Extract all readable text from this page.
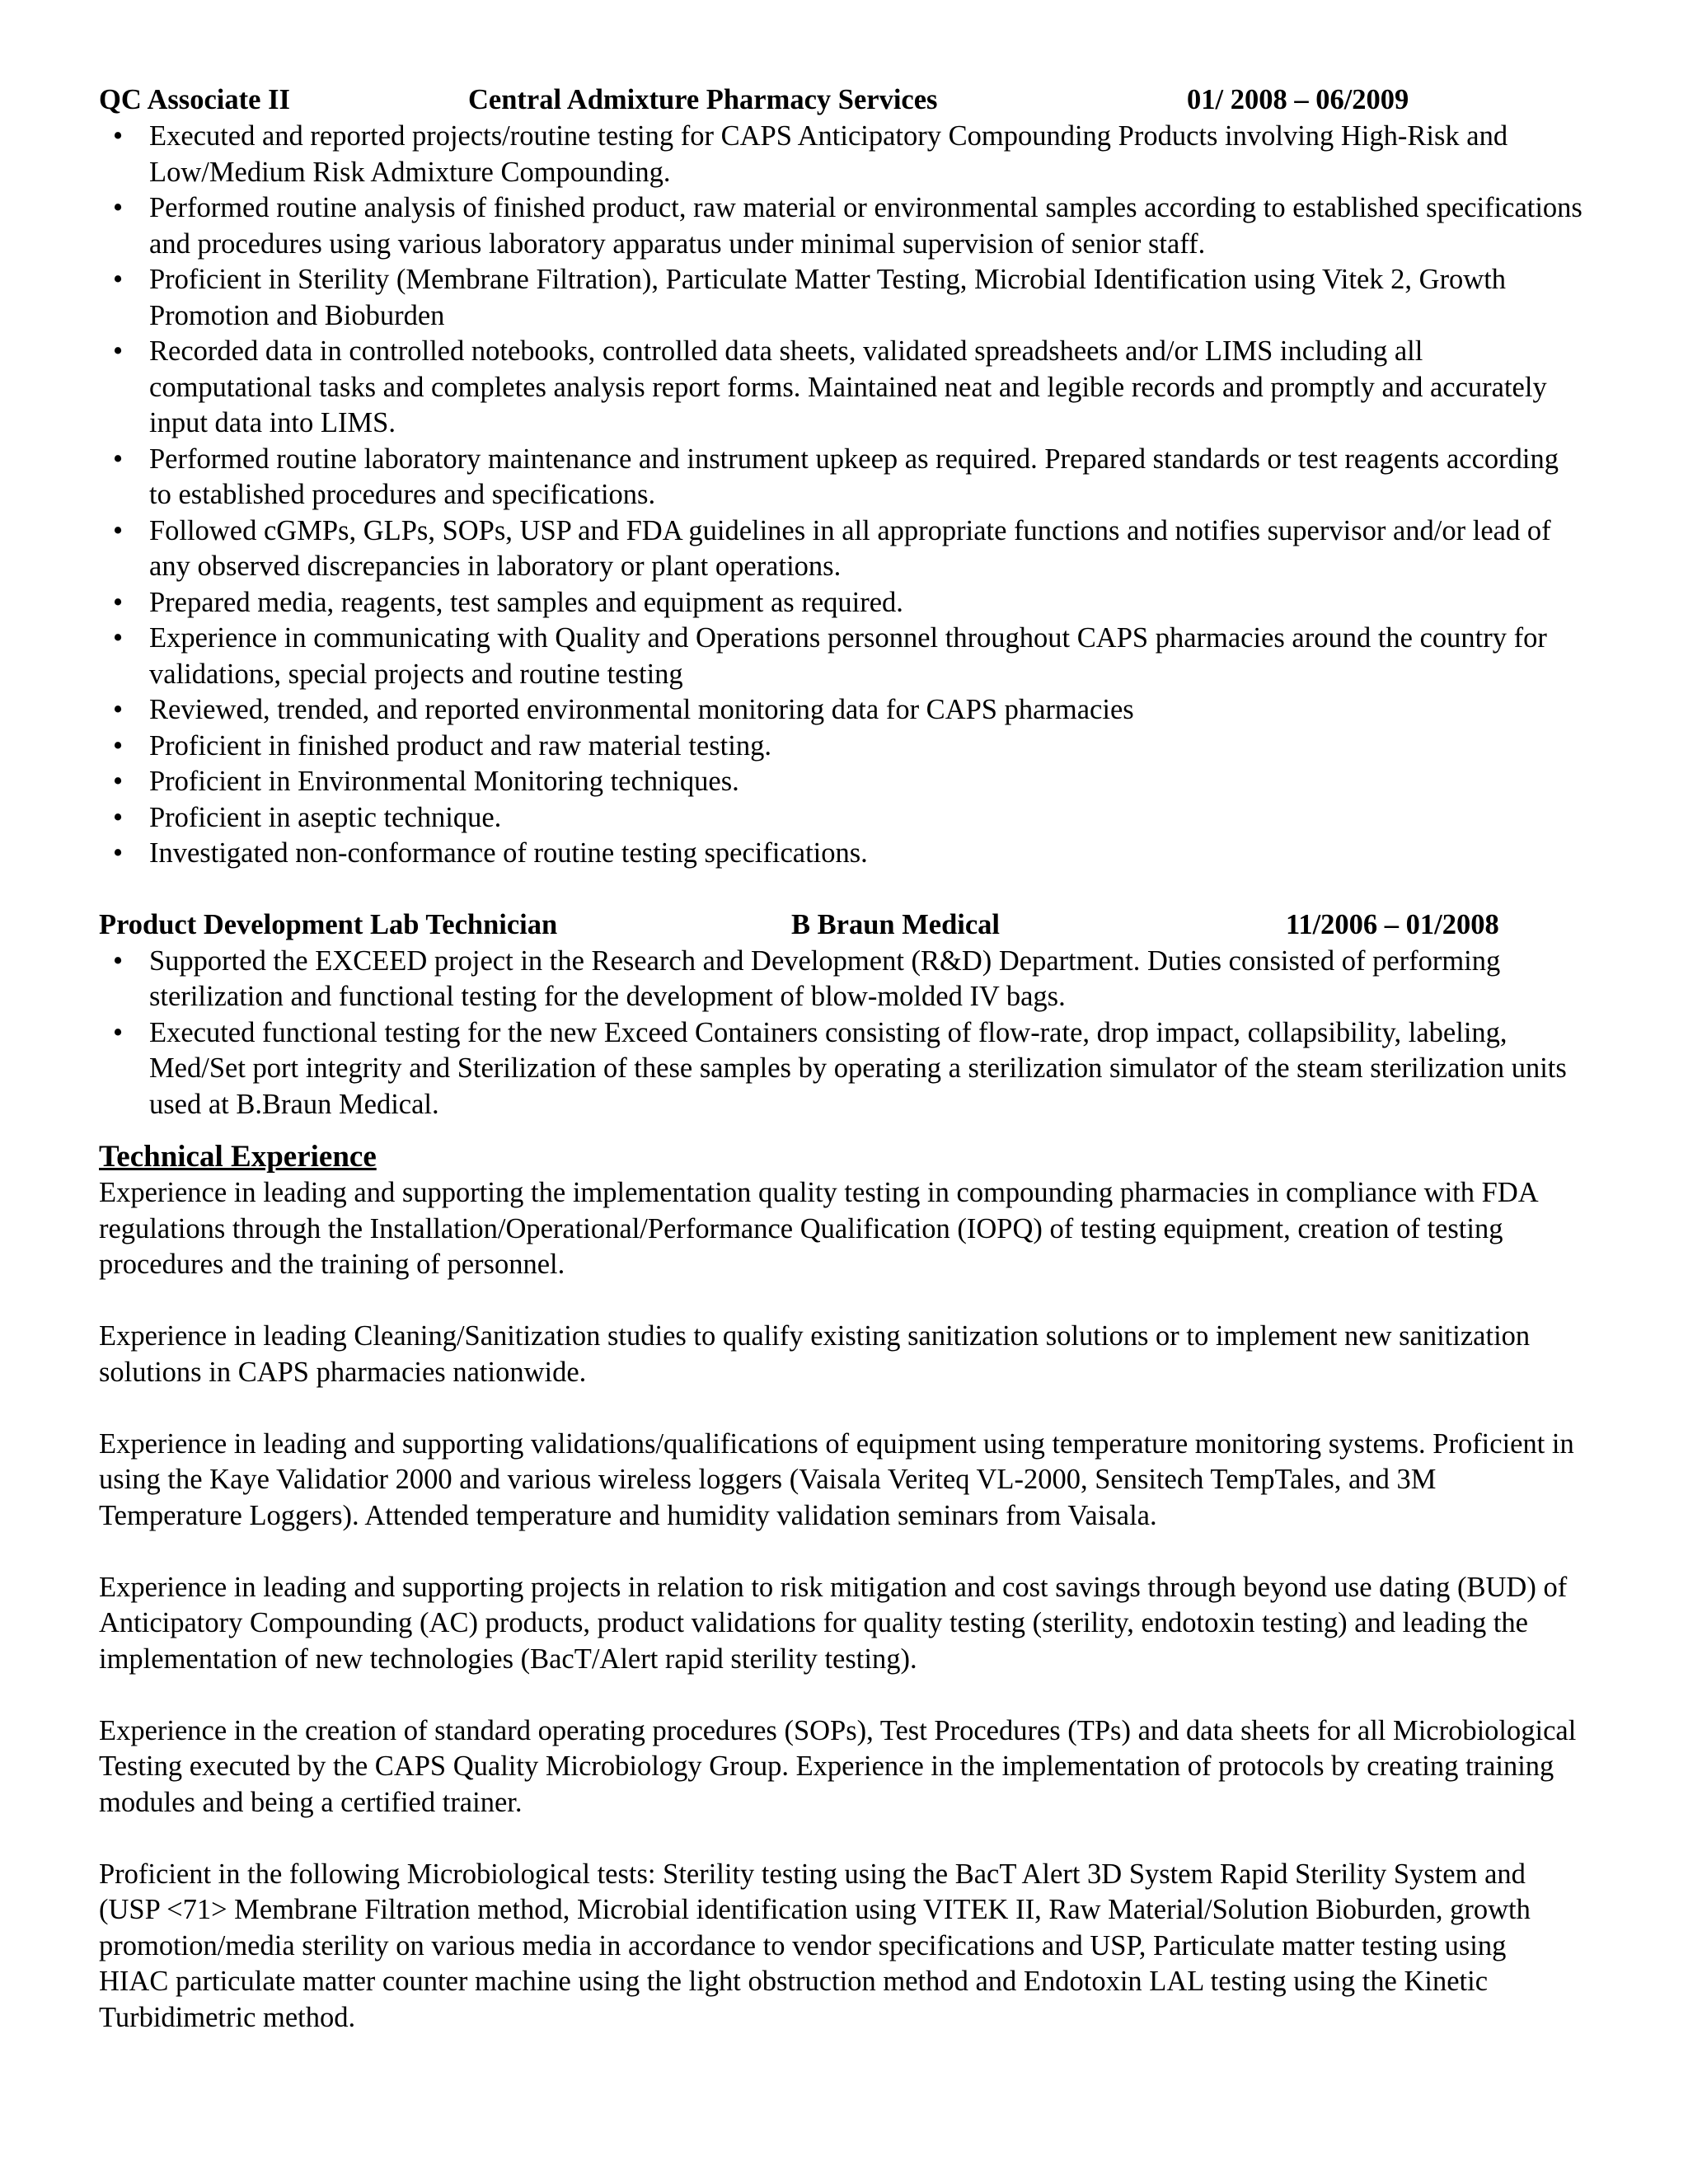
QC Associate II	Central Admixture Pharmacy Services	01/ 2008 – 06/2009
• Executed and reported projects/routine testing for CAPS Anticipatory Compounding Products involving High-Risk and Low/Medium Risk Admixture Compounding.
• Performed routine analysis of finished product, raw material or environmental samples according to established specifications and procedures using various laboratory apparatus under minimal supervision of senior staff.
• Proficient in Sterility (Membrane Filtration), Particulate Matter Testing, Microbial Identification using Vitek 2, Growth Promotion and Bioburden
• Recorded data in controlled notebooks, controlled data sheets, validated spreadsheets and/or LIMS including all computational tasks and completes analysis report forms. Maintained neat and legible records and promptly and accurately input data into LIMS.
• Performed routine laboratory maintenance and instrument upkeep as required. Prepared standards or test reagents according to established procedures and specifications.
• Followed cGMPs, GLPs, SOPs, USP and FDA guidelines in all appropriate functions and notifies supervisor and/or lead of any observed discrepancies in laboratory or plant operations.
• Prepared media, reagents, test samples and equipment as required.
• Experience in communicating with Quality and Operations personnel throughout CAPS pharmacies around the country for validations, special projects and routine testing
• Reviewed, trended, and reported environmental monitoring data for CAPS pharmacies
• Proficient in finished product and raw material testing.
• Proficient in Environmental Monitoring techniques.
• Proficient in aseptic technique.
• Investigated non-conformance of routine testing specifications.
Product Development Lab Technician	B Braun Medical	11/2006 – 01/2008
• Supported the EXCEED project in the Research and Development (R&D) Department. Duties consisted of performing sterilization and functional testing for the development of blow-molded IV bags.
• Executed functional testing for the new Exceed Containers consisting of flow-rate, drop impact, collapsibility, labeling, Med/Set port integrity and Sterilization of these samples by operating a sterilization simulator of the steam sterilization units used at B.Braun Medical.
Technical Experience

Experience in leading and supporting the implementation quality testing in compounding pharmacies in compliance with FDA regulations through the Installation/Operational/Performance Qualification (IOPQ) of testing equipment, creation of testing procedures and the training of personnel.

Experience in leading Cleaning/Sanitization studies to qualify existing sanitization solutions or to implement new sanitization solutions in CAPS pharmacies nationwide.

Experience in leading and supporting validations/qualifications of equipment using temperature monitoring systems. Proficient in using the Kaye Validatior 2000 and various wireless loggers (Vaisala Veriteq VL-2000, Sensitech TempTales, and 3M Temperature Loggers). Attended temperature and humidity validation seminars from Vaisala.

Experience in leading and supporting projects in relation to risk mitigation and cost savings through beyond use dating (BUD) of Anticipatory Compounding (AC) products, product validations for quality testing (sterility, endotoxin testing) and leading the implementation of new technologies (BacT/Alert rapid sterility testing).

Experience in the creation of standard operating procedures (SOPs), Test Procedures (TPs) and data sheets for all Microbiological Testing executed by the CAPS Quality Microbiology Group. Experience in the implementation of protocols by creating training modules and being a certified trainer.

Proficient in the following Microbiological tests: Sterility testing using the BacT Alert 3D System Rapid Sterility System and (USP <71> Membrane Filtration method, Microbial identification using VITEK II, Raw Material/Solution Bioburden, growth promotion/media sterility on various media in accordance to vendor specifications and USP, Particulate matter testing using HIAC particulate matter counter machine using the light obstruction method and Endotoxin LAL testing using the Kinetic Turbidimetric method.
